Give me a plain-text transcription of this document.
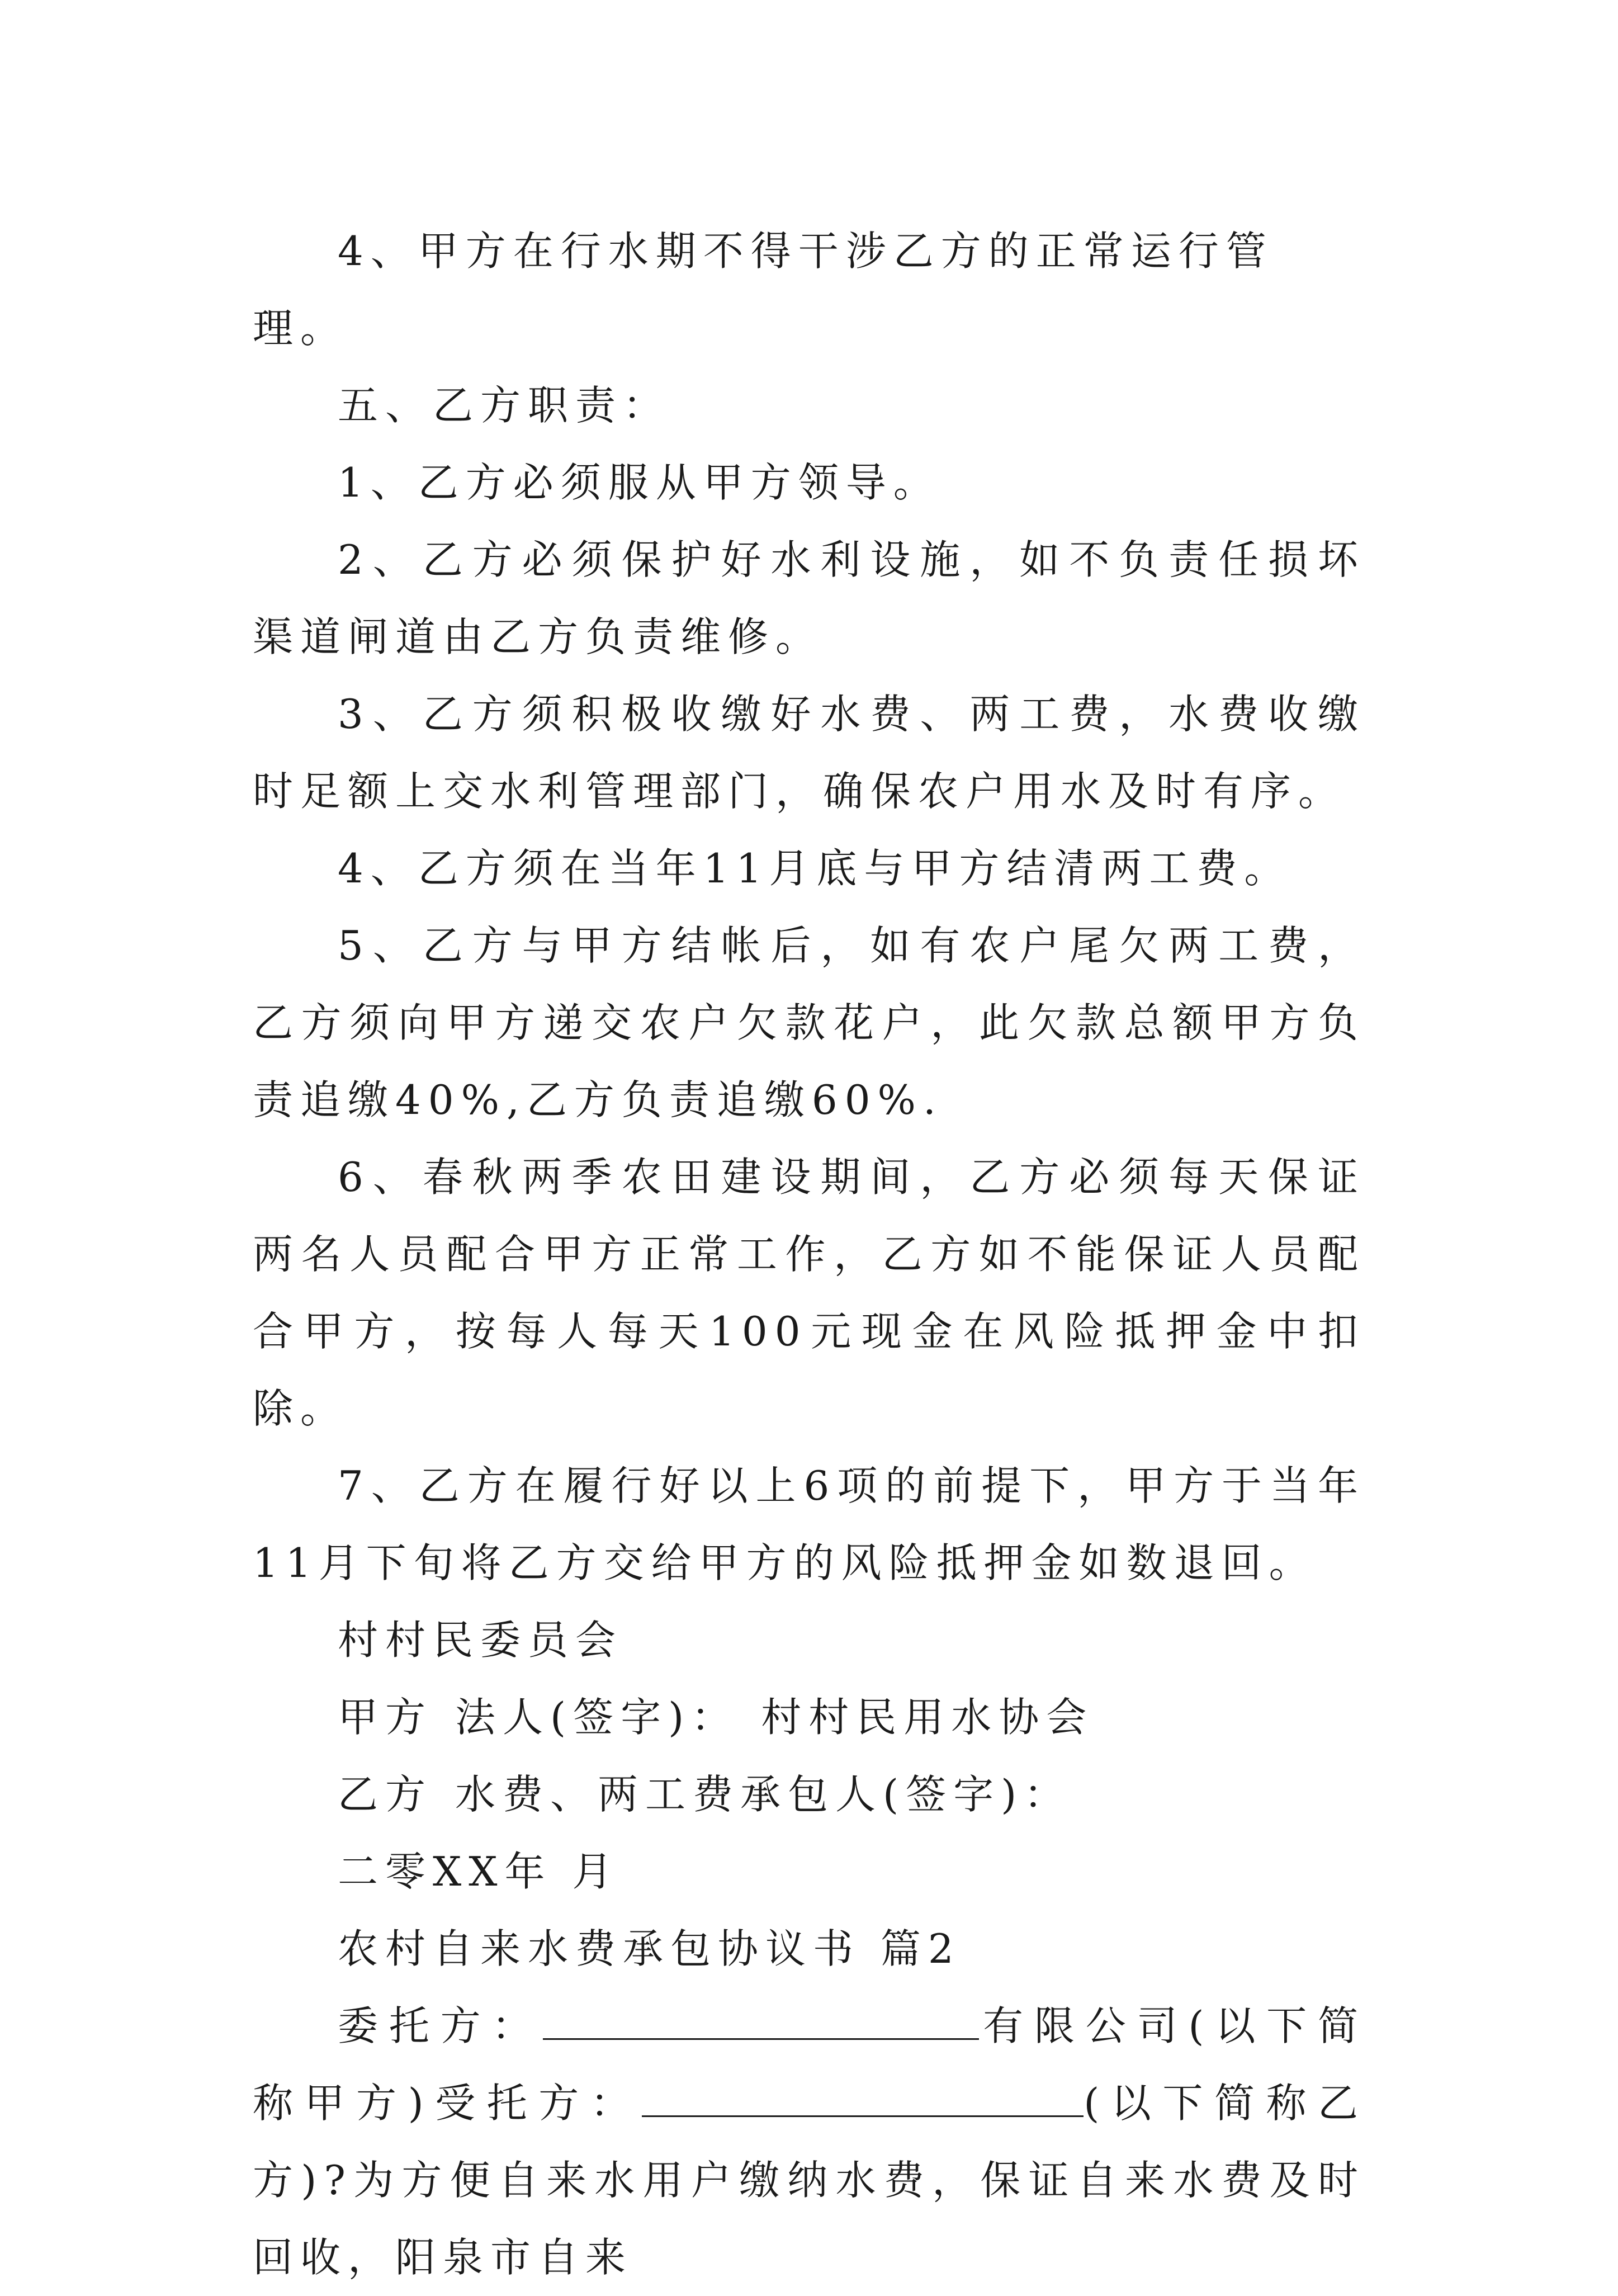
4、甲方在行水期不得干涉乙方的正常运行管理。

五、乙方职责：

1、乙方必须服从甲方领导。

2、乙方必须保护好水利设施，如不负责任损坏渠道闸道由乙方负责维修。

3、乙方须积极收缴好水费、两工费，水费收缴时足额上交水利管理部门，确保农户用水及时有序。

4、乙方须在当年11月底与甲方结清两工费。

5、乙方与甲方结帐后，如有农户尾欠两工费，乙方须向甲方递交农户欠款花户，此欠款总额甲方负责追缴40%,乙方负责追缴60%.

6、春秋两季农田建设期间，乙方必须每天保证两名人员配合甲方正常工作，乙方如不能保证人员配合甲方，按每人每天100元现金在风险抵押金中扣除。

7、乙方在履行好以上6项的前提下，甲方于当年11月下旬将乙方交给甲方的风险抵押金如数退回。

村村民委员会

甲方 法人(签字)： 村村民用水协会

乙方 水费、两工费承包人(签字)：

二零XX年 月

农村自来水费承包协议书 篇2

委托方：	有限公司(以下简称甲方)受托方：	(以下简称乙方)?为方便自来水用户缴纳水费，保证自来水费及时回收，阳泉市自来
